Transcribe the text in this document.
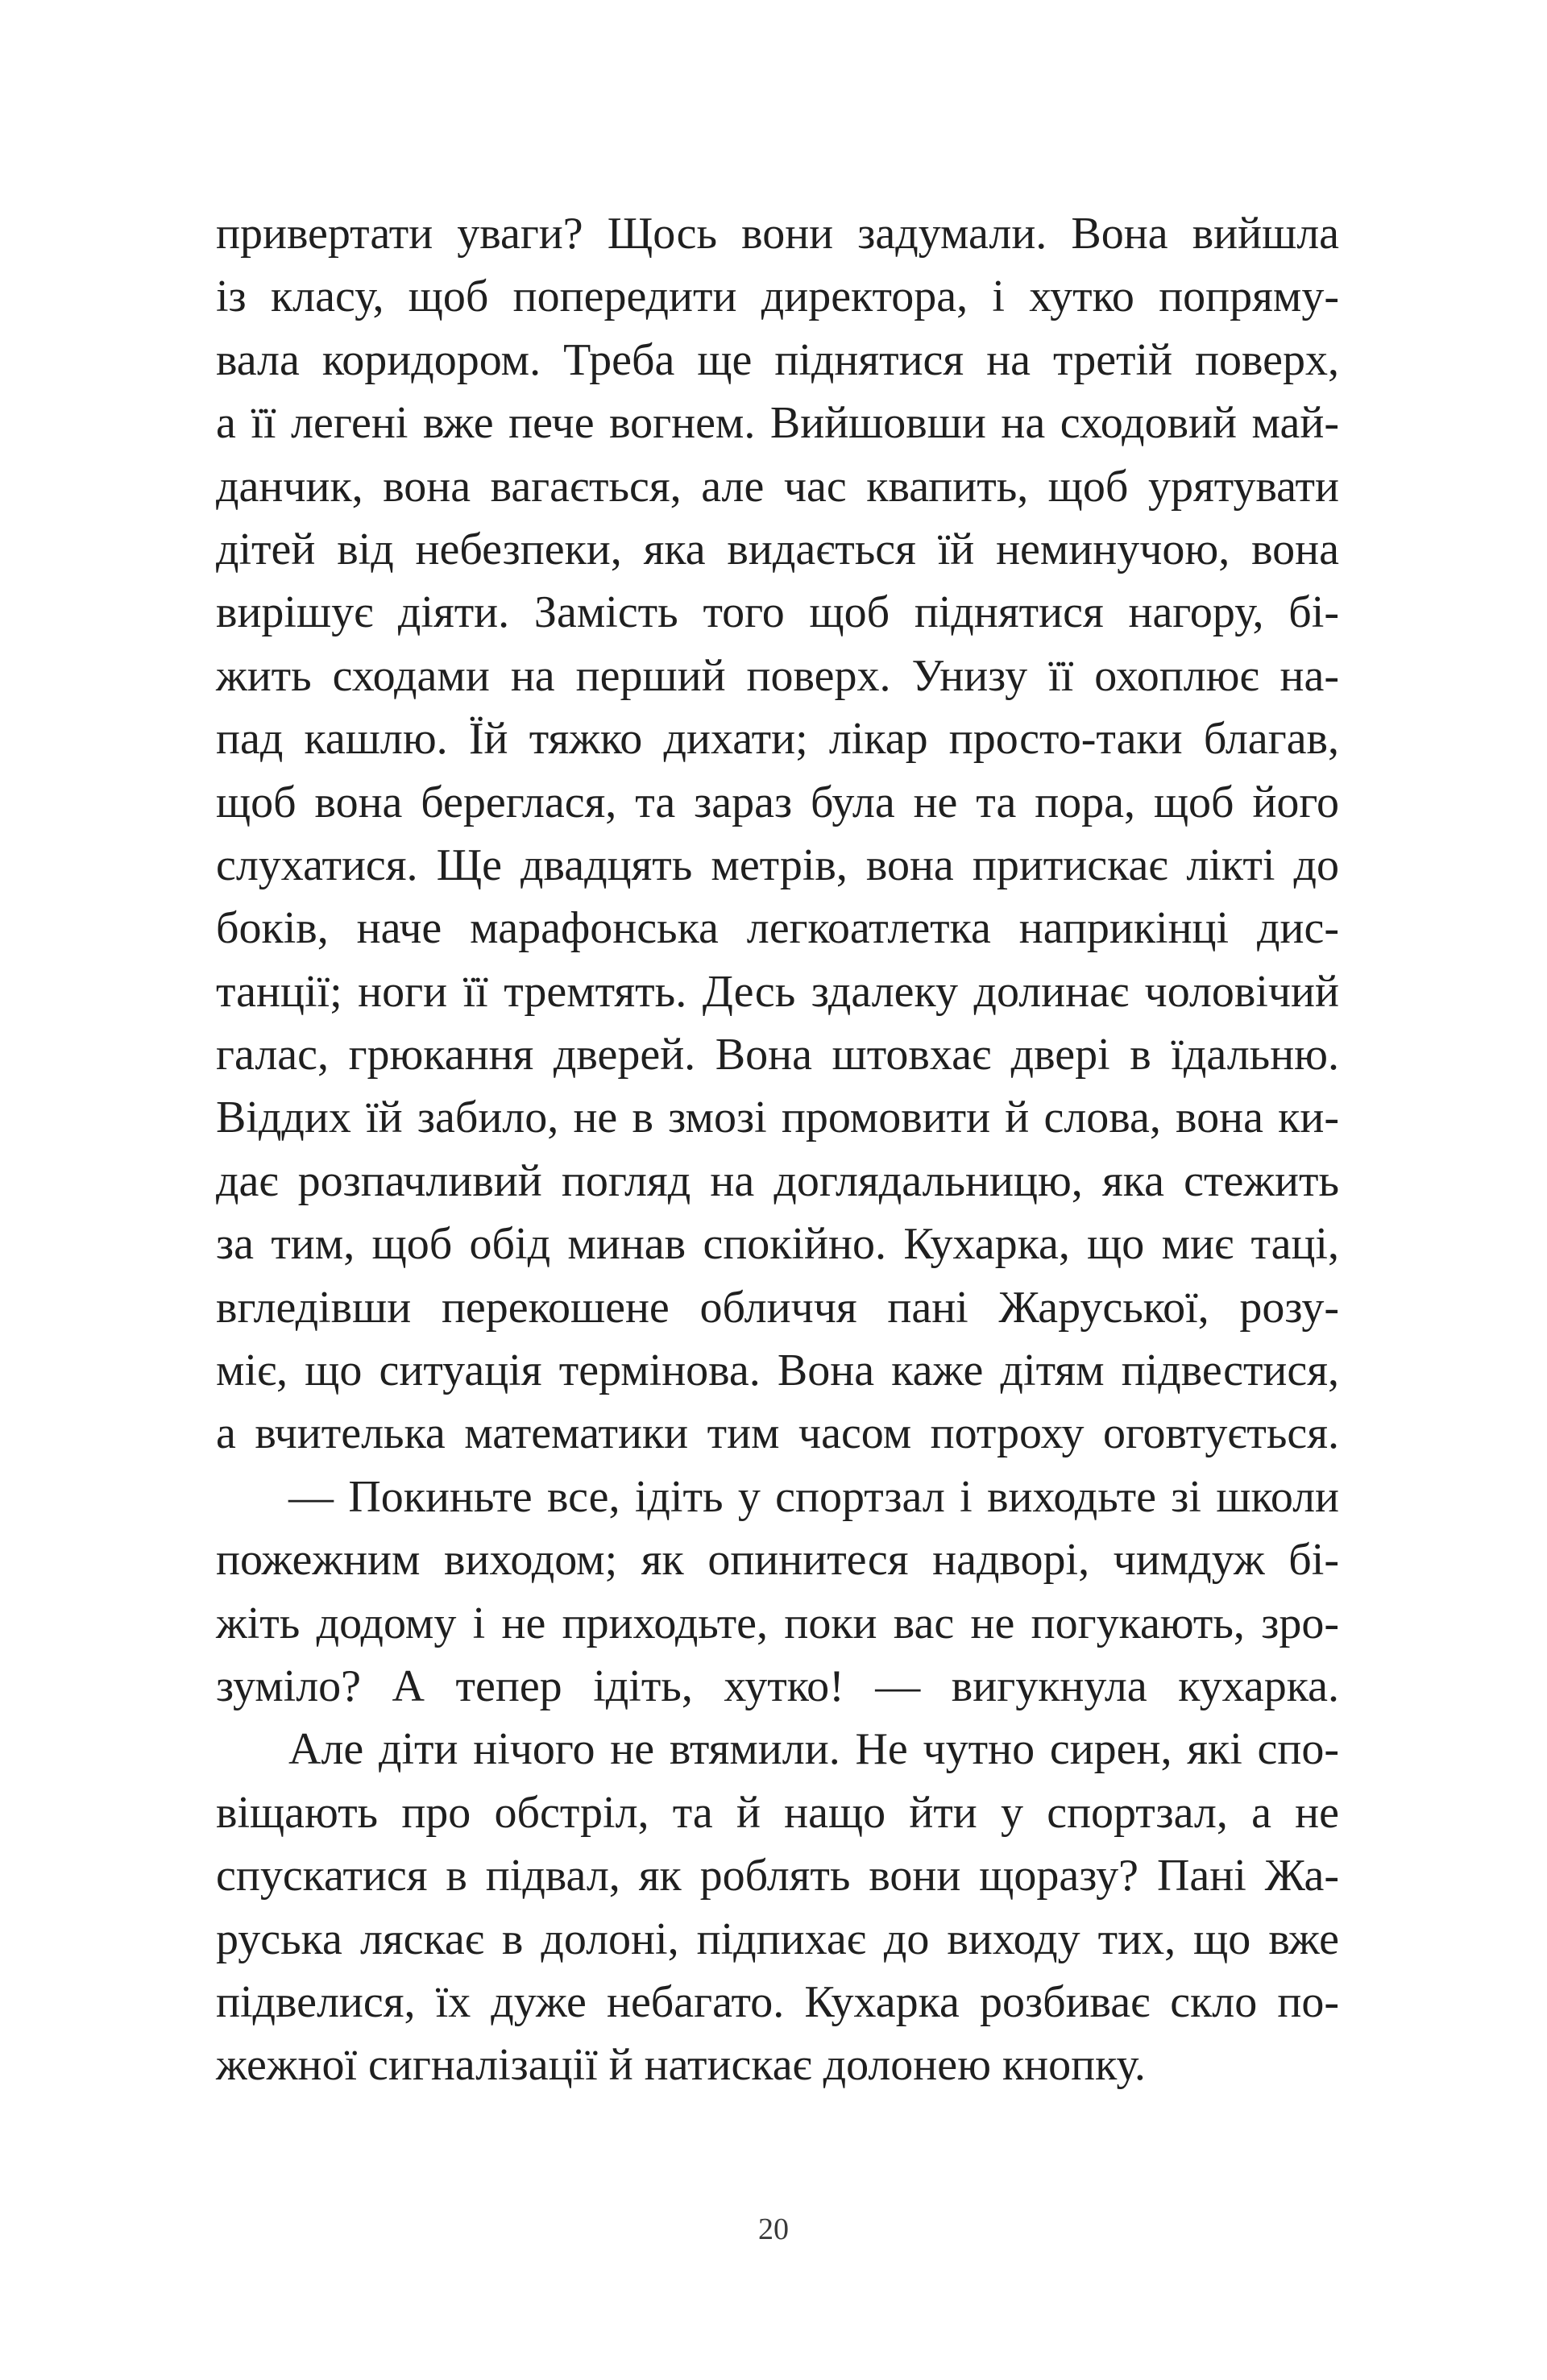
привертати уваги? Щось вони задумали. Вона вийшла
із класу, щоб попередити директора, і хутко попряму-
вала коридором. Треба ще піднятися на третій поверх,
а її легені вже пече вогнем. Вийшовши на сходовий май-
данчик, вона вагається, але час квапить, щоб урятувати
дітей від небезпеки, яка видається їй неминучою, вона
вирішує діяти. Замість того щоб піднятися нагору, бі-
жить сходами на перший поверх. Унизу її охоплює на-
пад кашлю. Їй тяжко дихати; лікар просто-таки благав,
щоб вона береглася, та зараз була не та пора, щоб його
слухатися. Ще двадцять метрів, вона притискає лікті до
боків, наче марафонська легкоатлетка наприкінці дис-
танції; ноги її тремтять. Десь здалеку долинає чоловічий
галас, грюкання дверей. Вона штовхає двері в їдальню.
Віддих їй забило, не в змозі промовити й слова, вона ки-
дає розпачливий погляд на доглядальницю, яка стежить
за тим, щоб обід минав спокійно. Кухарка, що миє таці,
вгледівши перекошене обличчя пані Жаруської, розу-
міє, що ситуація термінова. Вона каже дітям підвестися,
а вчителька математики тим часом потроху оговтується.
— Покиньте все, ідіть у спортзал і виходьте зі школи
пожежним виходом; як опинитеся надворі, чимдуж бі-
жіть додому і не приходьте, поки вас не погукають, зро-
зуміло? А тепер ідіть, хутко! — вигукнула кухарка.
Але діти нічого не втямили. Не чутно сирен, які спо-
віщають про обстріл, та й нащо йти у спортзал, а не
спускатися в підвал, як роблять вони щоразу? Пані Жа-
руська ляскає в долоні, підпихає до виходу тих, що вже
підвелися, їх дуже небагато. Кухарка розбиває скло по-
жежної сигналізації й натискає долонею кнопку.
20
